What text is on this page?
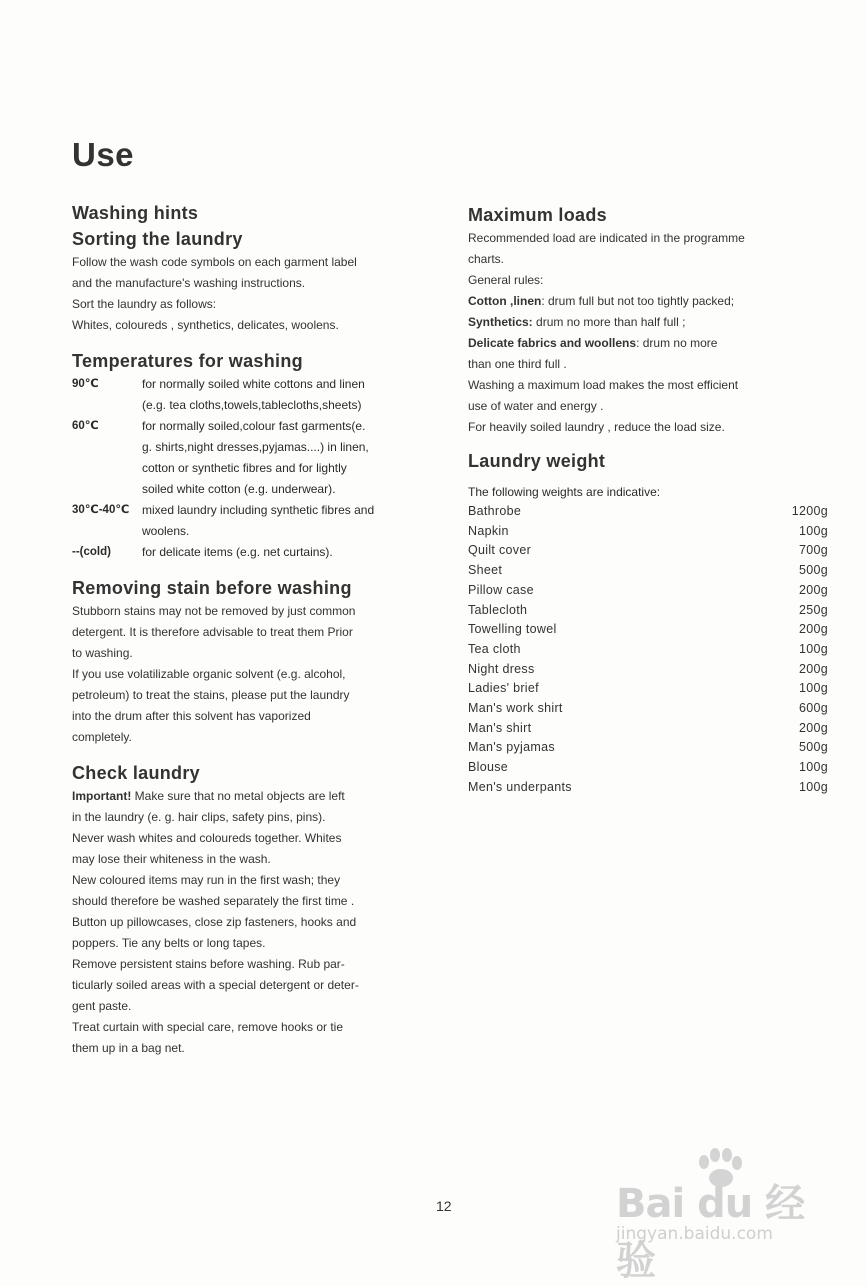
Use
Washing hints
Sorting the laundry

Follow the wash code symbols on each garment label

and the manufacture's washing instructions.

Sort the laundry as follows:

Whites, coloureds , synthetics, delicates, woolens.

Temperatures for washing
90℃	for normally soiled white cottons and linen
(e.g. tea cloths,towels,tablecloths,sheets)
60℃	for normally soiled,colour fast garments(e.
g. shirts,night dresses,pyjamas....) in linen,
cotton or synthetic fibres and for lightly
soiled white cotton (e.g. underwear).
30℃-40℃	mixed laundry including synthetic fibres and
woolens.
--(cold)	for delicate items (e.g. net curtains).
Removing stain before washing

Stubborn stains may not be removed by just common

detergent. It is therefore advisable to treat them Prior

to washing.

If you use volatilizable organic solvent (e.g. alcohol,

petroleum) to treat the stains, please put the laundry

into the drum after this solvent has vaporized

completely.

Check laundry

Important! Make sure that no metal objects are left

in the laundry (e. g. hair clips, safety pins, pins).

Never wash whites and coloureds together. Whites

may lose their whiteness in the wash.

New coloured items may run in the first wash; they

should therefore be washed separately the first time .

Button up pillowcases, close zip fasteners, hooks and

poppers. Tie any belts or long tapes.

Remove persistent stains before washing. Rub par-

ticularly soiled areas with a special detergent or deter-

gent paste.

Treat curtain with special care, remove hooks or tie

them up in a bag net.

Maximum loads

Recommended load are indicated in the programme

charts.

General rules:

Cotton ,linen: drum full but not too tightly packed;

Synthetics: drum no more than half full ;

Delicate fabrics and woollens: drum no more

than one third full .

Washing a maximum load makes the most efficient

use of water and energy .

For heavily soiled laundry , reduce the load size.

Laundry weight
The following weights are indicative:
Bathrobe	1200g
Napkin	100g
Quilt cover	700g
Sheet	500g
Pillow case	200g
Tablecloth	250g
Towelling towel	200g
Tea cloth	100g
Night dress	200g
Ladies' brief	100g
Man's work shirt	600g
Man's shirt	200g
Man's pyjamas	500g
Blouse	100g
Men's underpants	100g
12	Bai du 经验
jingyan.baidu.com
